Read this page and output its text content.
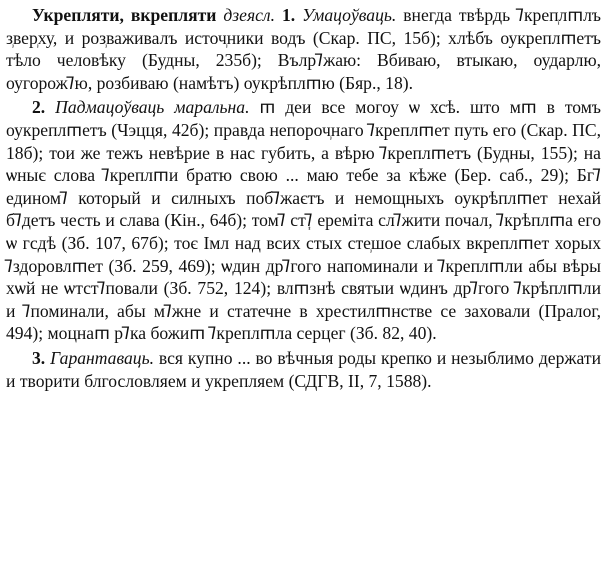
Укрепляти, вкрепляти дзеясл. 1. Умацоўваць. внегда твѣр᷂дь ᲄкреп᷂лᲅлъ з᷂вер᷂ху, и роз᷂важивалъ источ᷂ники водъ (Скар. ПС, 15б); хлѣбъ оукреплᲅетъ тѣло человѣку (Будны, 235б); Вълрᲄжаю: Вбиваю, втыкаю, оударлю, оугорожᲄю, розбиваю (намѣтъ) оукрѣплᲅю (Бяр., 18).

2. Падмацоўваць маральна. ᲅ деи все могоу ѡ хсѣ. што мᲅ в томъ оукреплᲅетъ (Чэцця, 42б); прав᷂да непороч᷂наго ᲄкреплᲅет путь его (Скар. ПС, 18б); тои же тежъ невѣрие в нас губить, а вѣрю ᲄкреплᲅетъ (Будны, 155); на ѡныє слова ᲄкреплᲅи братю свою ... маю тебе за кѣже (Бер. саб., 29); Бгᲄ единомᲄ который и силныхъ побᲄжаєтъ и немощныхъ оукрѣплᲅет нехай бᲄдетъ честь и слава (Кін., 64б); томᲄ стᲄ᷂ еремiта слᲄжити почал, ᲄкрѣплᲅа его ѡ гсдѣ (Зб. 107, 67б); тоє Імл над всих стых сте᷂шое слабых вкреплᲅет хорых ᲄздоровлᲅет (Зб. 259, 469); ѡдин дрᲄгого напоминали и ᲄкреплᲅли абы вѣры хѡй не ѡтстᲄповали (Зб. 752, 124); влᲅзнѣ святыи ѡдинъ дрᲄгого ᲄкрѣплᲅли и ᲄпоминали, абы мᲄжне и статечне в хрестилᲅнстве се заховали (Пралог, 494); моцнаᲅ рᲄка божиᲅ ᲄкреплᲅла серцег (Зб. 82, 40).

3. Гарантаваць. вся купно ... во вѣчныя роды крепко и незыблимо держати и творити блгословляем и укрепляем (СДГВ, II, 7, 1588).
